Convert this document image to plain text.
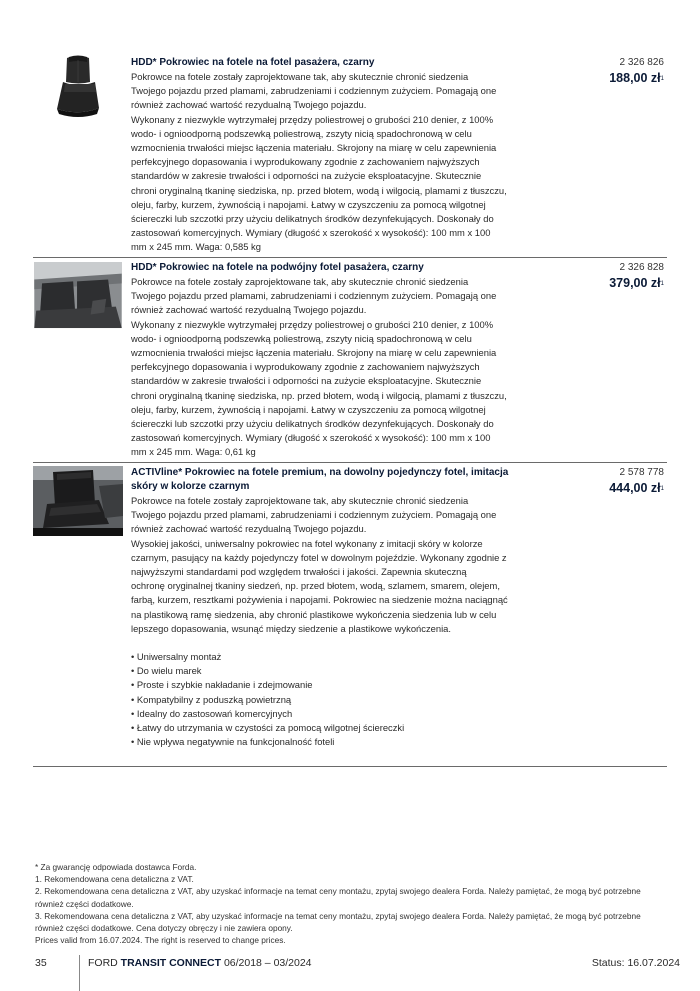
HDD* Pokrowiec na fotele na fotel pasażera, czarny

Pokrowce na fotele zostały zaprojektowane tak, aby skutecznie chronić siedzenia
Twojego pojazdu przed plamami, zabrudzeniami i codziennym zużyciem. Pomagają one
również zachować wartość rezydualną Twojego pojazdu.
Wykonany z niezwykle wytrzymałej przędzy poliestrowej o grubości 210 denier, z 100%
wodo- i ognioodporną podszewką poliestrową, zszyty nicią spadochronową w celu
wzmocnienia trwałości miejsc łączenia materiału. Skrojony na miarę w celu zapewnienia
perfekcyjnego dopasowania i wyprodukowany zgodnie z zachowaniem najwyższych
standardów w zakresie trwałości i odporności na zużycie eksploatacyjne. Skutecznie
chroni oryginalną tkaninę siedziska, np. przed błotem, wodą i wilgocią, plamami z tłuszczu,
oleju, farby, kurzem, żywnością i napojami. Łatwy w czyszczeniu za pomocą wilgotnej
ściereczki lub szczotki przy użyciu delikatnych środków dezynfekujących. Doskonały do
zastosowań komercyjnych. Wymiary (długość x szerokość x wysokość): 100 mm x 100
mm x 245 mm. Waga: 0,585 kg

2 326 826
188,00 $zł^1$

HDD* Pokrowiec na fotele na podwójny fotel pasażera, czarny

Pokrowce na fotele zostały zaprojektowane tak, aby skutecznie chronić siedzenia
Twojego pojazdu przed plamami, zabrudzeniami i codziennym zużyciem. Pomagają one
również zachować wartość rezydualną Twojego pojazdu.
Wykonany z niezwykle wytrzymałej przędzy poliestrowej o grubości 210 denier, z 100%
wodo- i ognioodporną podszewką poliestrową, zszyty nicią spadochronową w celu
wzmocnienia trwałości miejsc łączenia materiału. Skrojony na miarę w celu zapewnienia
perfekcyjnego dopasowania i wyprodukowany zgodnie z zachowaniem najwyższych
standardów w zakresie trwałości i odporności na zużycie eksploatacyjne. Skutecznie
chroni oryginalną tkaninę siedziska, np. przed błotem, wodą i wilgocią, plamami z tłuszczu,
oleju, farby, kurzem, żywnością i napojami. Łatwy w czyszczeniu za pomocą wilgotnej
ściereczki lub szczotki przy użyciu delikatnych środków dezynfekujących. Doskonały do
zastosowań komercyjnych. Wymiary (długość x szerokość x wysokość): 100 mm x 100
mm x 245 mm. Waga: 0,61 kg

2 326 828
379,00 $zł^1$

ACTIVline* Pokrowiec na fotele premium, na dowolny pojedynczy fotel, imitacja
skóry w kolorze czarnym

Pokrowce na fotele zostały zaprojektowane tak, aby skutecznie chronić siedzenia
Twojego pojazdu przed plamami, zabrudzeniami i codziennym zużyciem. Pomagają one
również zachować wartość rezydualną Twojego pojazdu.
Wysokiej jakości, uniwersalny pokrowiec na fotel wykonany z imitacji skóry w kolorze
czarnym, pasujący na każdy pojedynczy fotel w dowolnym pojeździe. Wykonany zgodnie z
najwyższymi standardami pod względem trwałości i jakości. Zapewnia skuteczną
ochronę oryginalnej tkaniny siedzeń, np. przed błotem, wodą, szlamem, smarem, olejem,
farbą, kurzem, resztkami pożywienia i napojami. Pokrowiec na siedzenie można naciągnąć
na plastikową ramę siedzenia, aby chronić plastikowe wykończenia siedzenia lub w celu
lepszego dopasowania, wsunąć między siedzenie a plastikowe wykończenia.

• Uniwersalny montaż
• Do wielu marek
• Proste i szybkie nakładanie i zdejmowanie
• Kompatybilny z poduszką powietrzną
• Idealny do zastosowań komercyjnych
• Łatwy do utrzymania w czystości za pomocą wilgotnej ściereczki
• Nie wpływa negatywnie na funkcjonalność foteli

2 578 778
444,00 $zł^1$
* Za gwarancję odpowiada dostawca Forda.
1. Rekomendowana cena detaliczna z VAT.
2. Rekomendowana cena detaliczna z VAT, aby uzyskać informacje na temat ceny montażu, zpytaj swojego dealera Forda. Należy pamiętać, że mogą być potrzebne również części dodatkowe.
3. Rekomendowana cena detaliczna z VAT, aby uzyskać informacje na temat ceny montażu, zpytaj swojego dealera Forda. Należy pamiętać, że mogą być potrzebne również części dodatkowe. Cena dotyczy obręczy i nie zawiera opony.
Prices valid from 16.07.2024. The right is reserved to change prices.
35	FORD TRANSIT CONNECT 06/2018 – 03/2024	Status: 16.07.2024
